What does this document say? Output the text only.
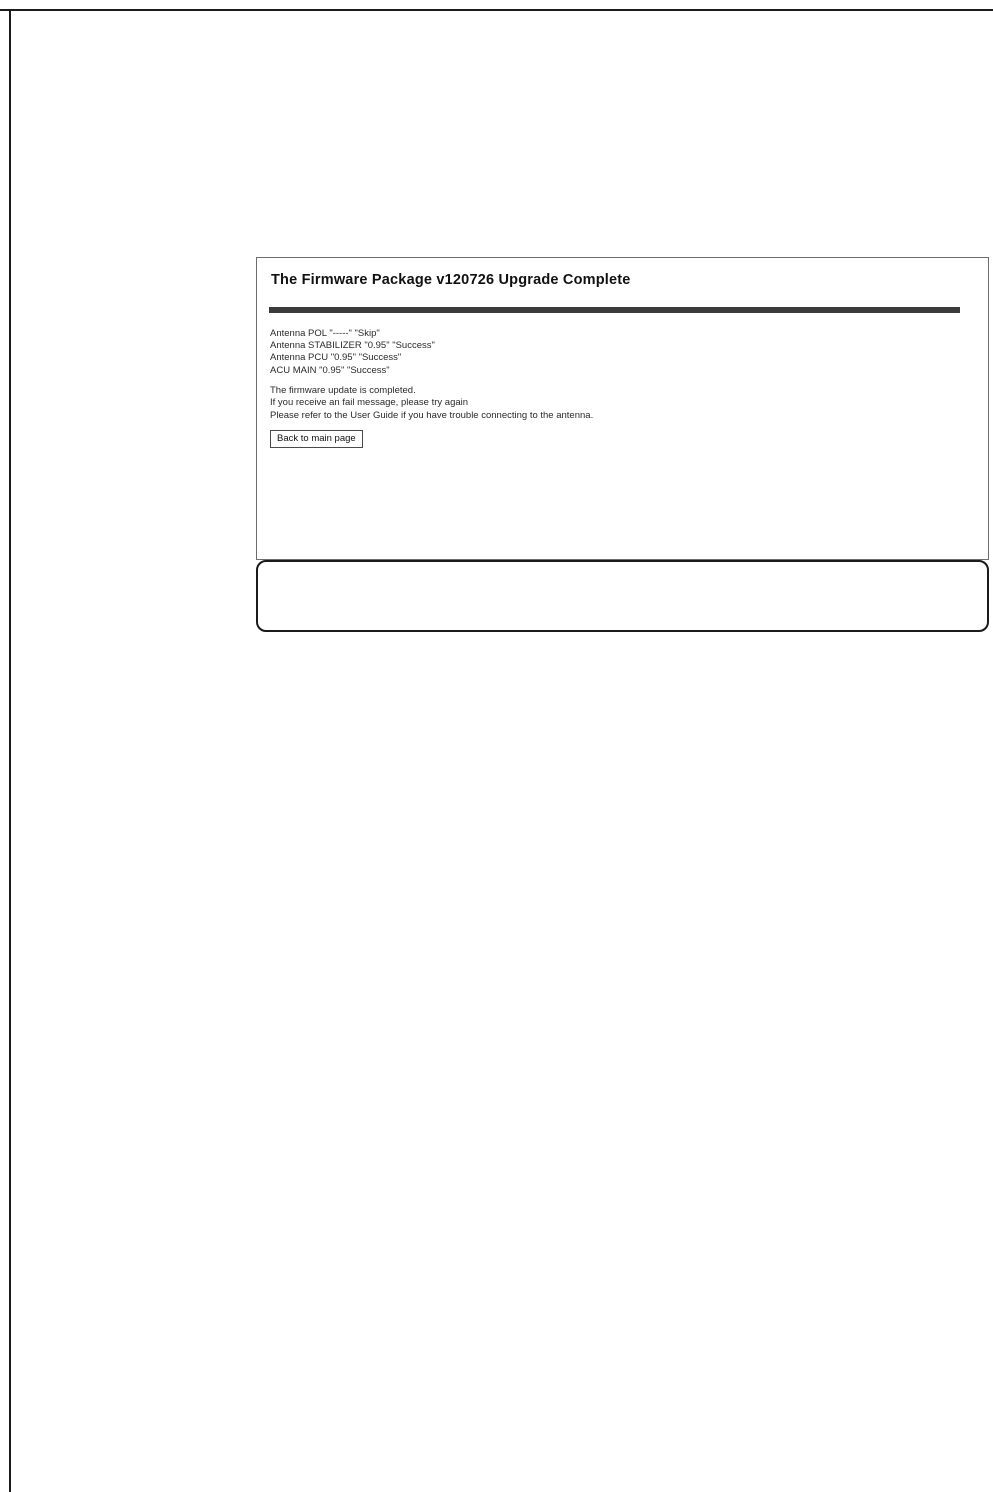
The Firmware Package v120726 Upgrade Complete
Antenna POL "-----" "Skip"
Antenna STABILIZER "0.95" "Success"
Antenna PCU "0.95" "Success"
ACU MAIN "0.95" "Success"
The firmware update is completed.
If you receive an fail message, please try again
Please refer to the User Guide if you have trouble connecting to the antenna.
Back to main page
